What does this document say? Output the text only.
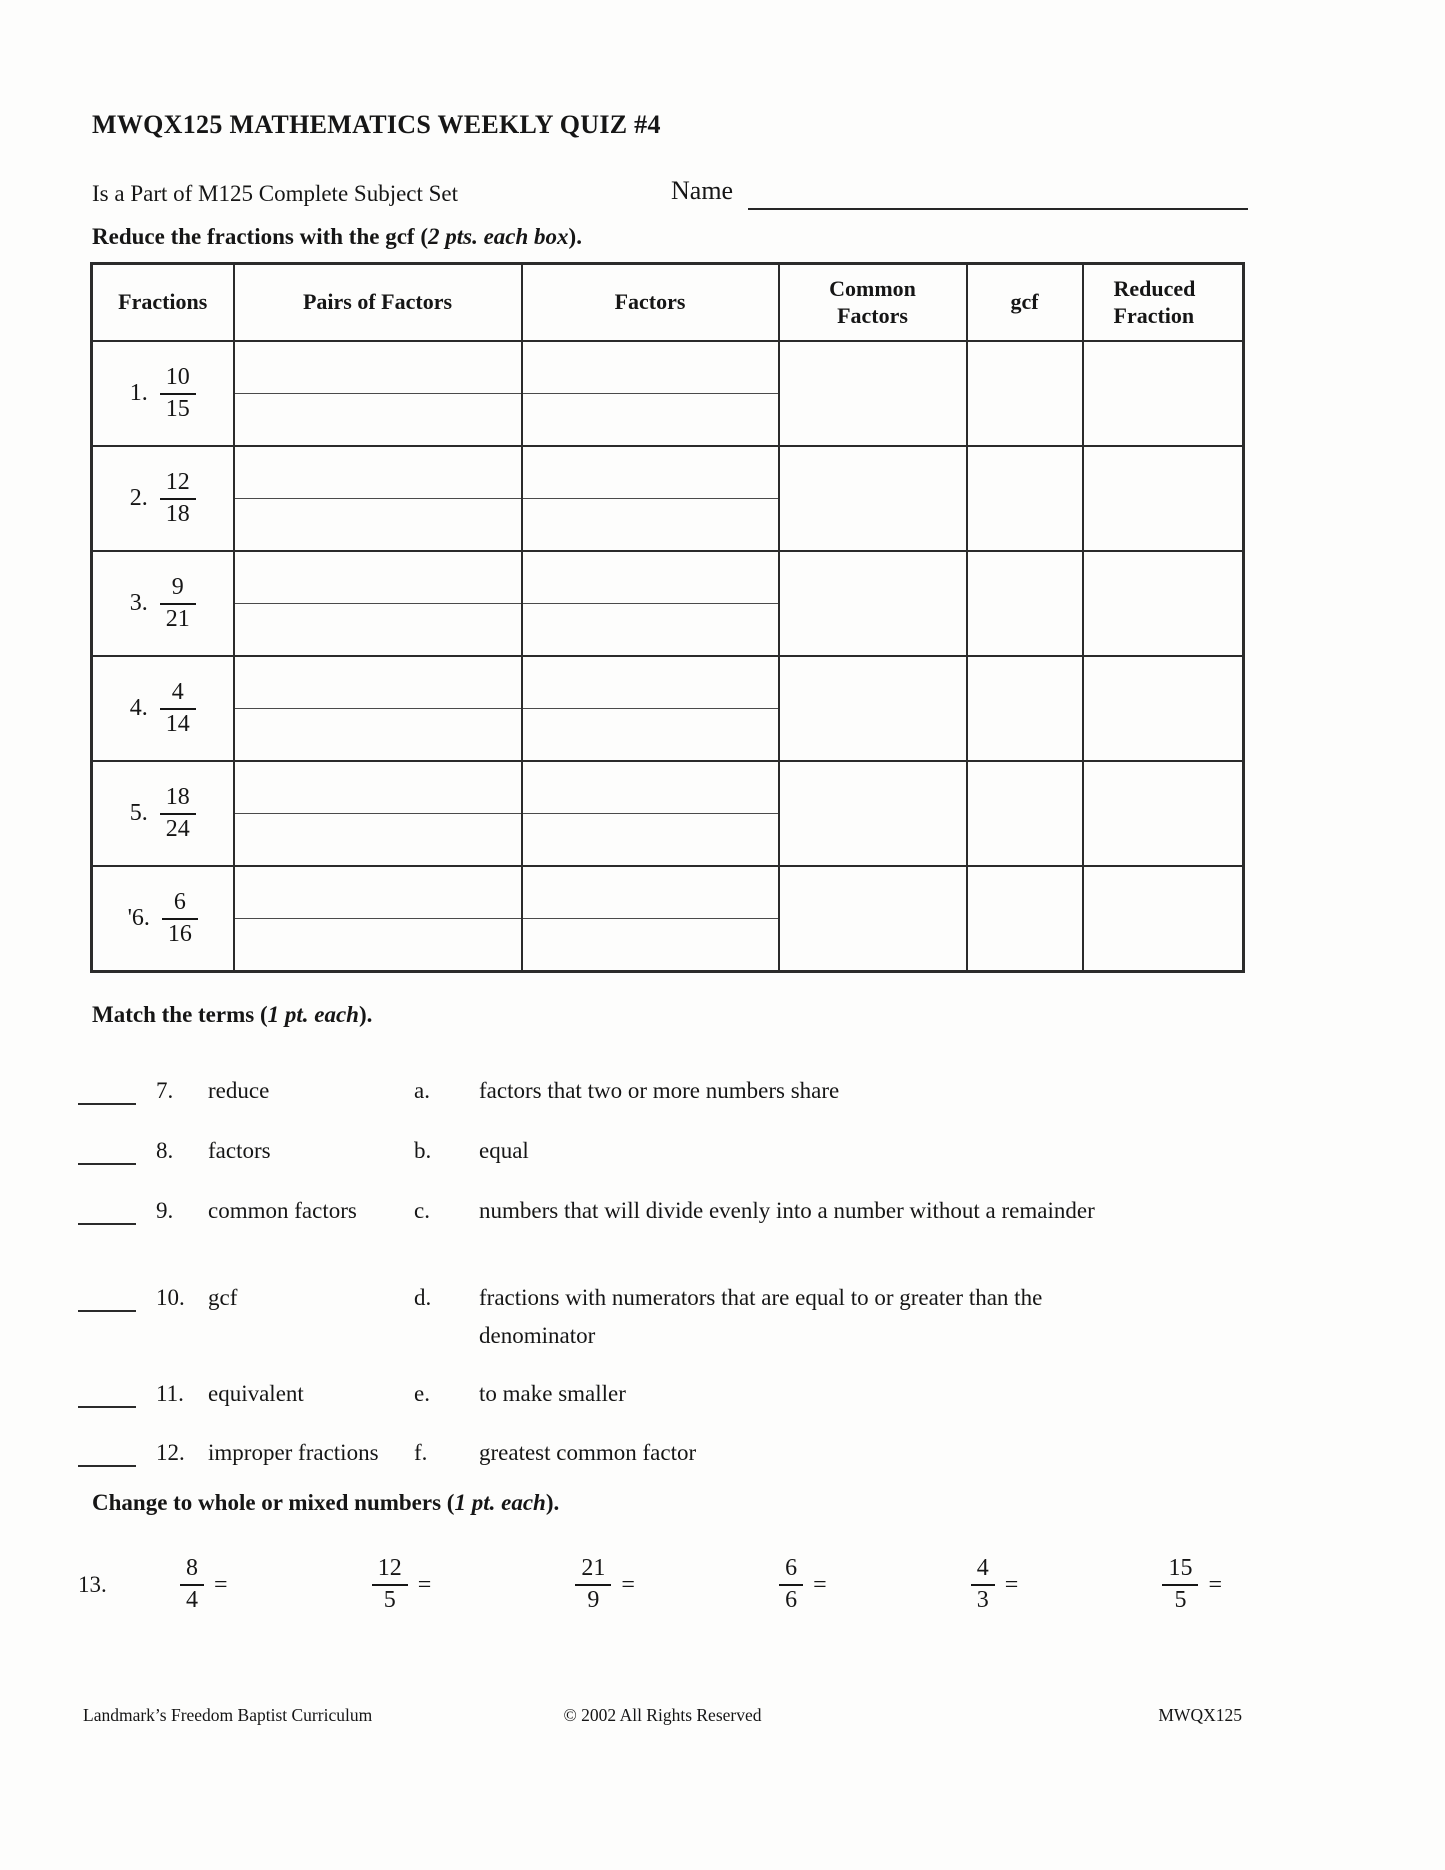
MWQX125 MATHEMATICS WEEKLY QUIZ #4
Is a Part of M125 Complete Subject Set	Name
Reduce the fractions with the gcf (2 pts. each box).
Fractions	Pairs of Factors	Factors	Common Factors	gcf	Reduced Fraction

1. $\frac{10}{15}$

2. $\frac{12}{18}$

3. $\frac{9}{21}$

4. $\frac{4}{14}$

5. $\frac{18}{24}$

'6. $\frac{6}{16}$

Match the terms (1 pt. each).
7.	reduce	a.	factors that two or more numbers share
8.	factors	b.	equal
9.	common factors	c.	numbers that will divide evenly into a number without a remainder
10.	gcf	d.	fractions with numerators that are equal to or greater than the denominator
11.	equivalent	e.	to make smaller
12.	improper fractions	f.	greatest common factor
Change to whole or mixed numbers (1 pt. each).
13.	$\frac{8}{4}$ =	$\frac{12}{5}$ =	$\frac{21}{9}$ =	$\frac{6}{6}$ =	$\frac{4}{3}$ =	$\frac{15}{5}$ =
Landmark’s Freedom Baptist Curriculum	© 2002 All Rights Reserved	MWQX125
